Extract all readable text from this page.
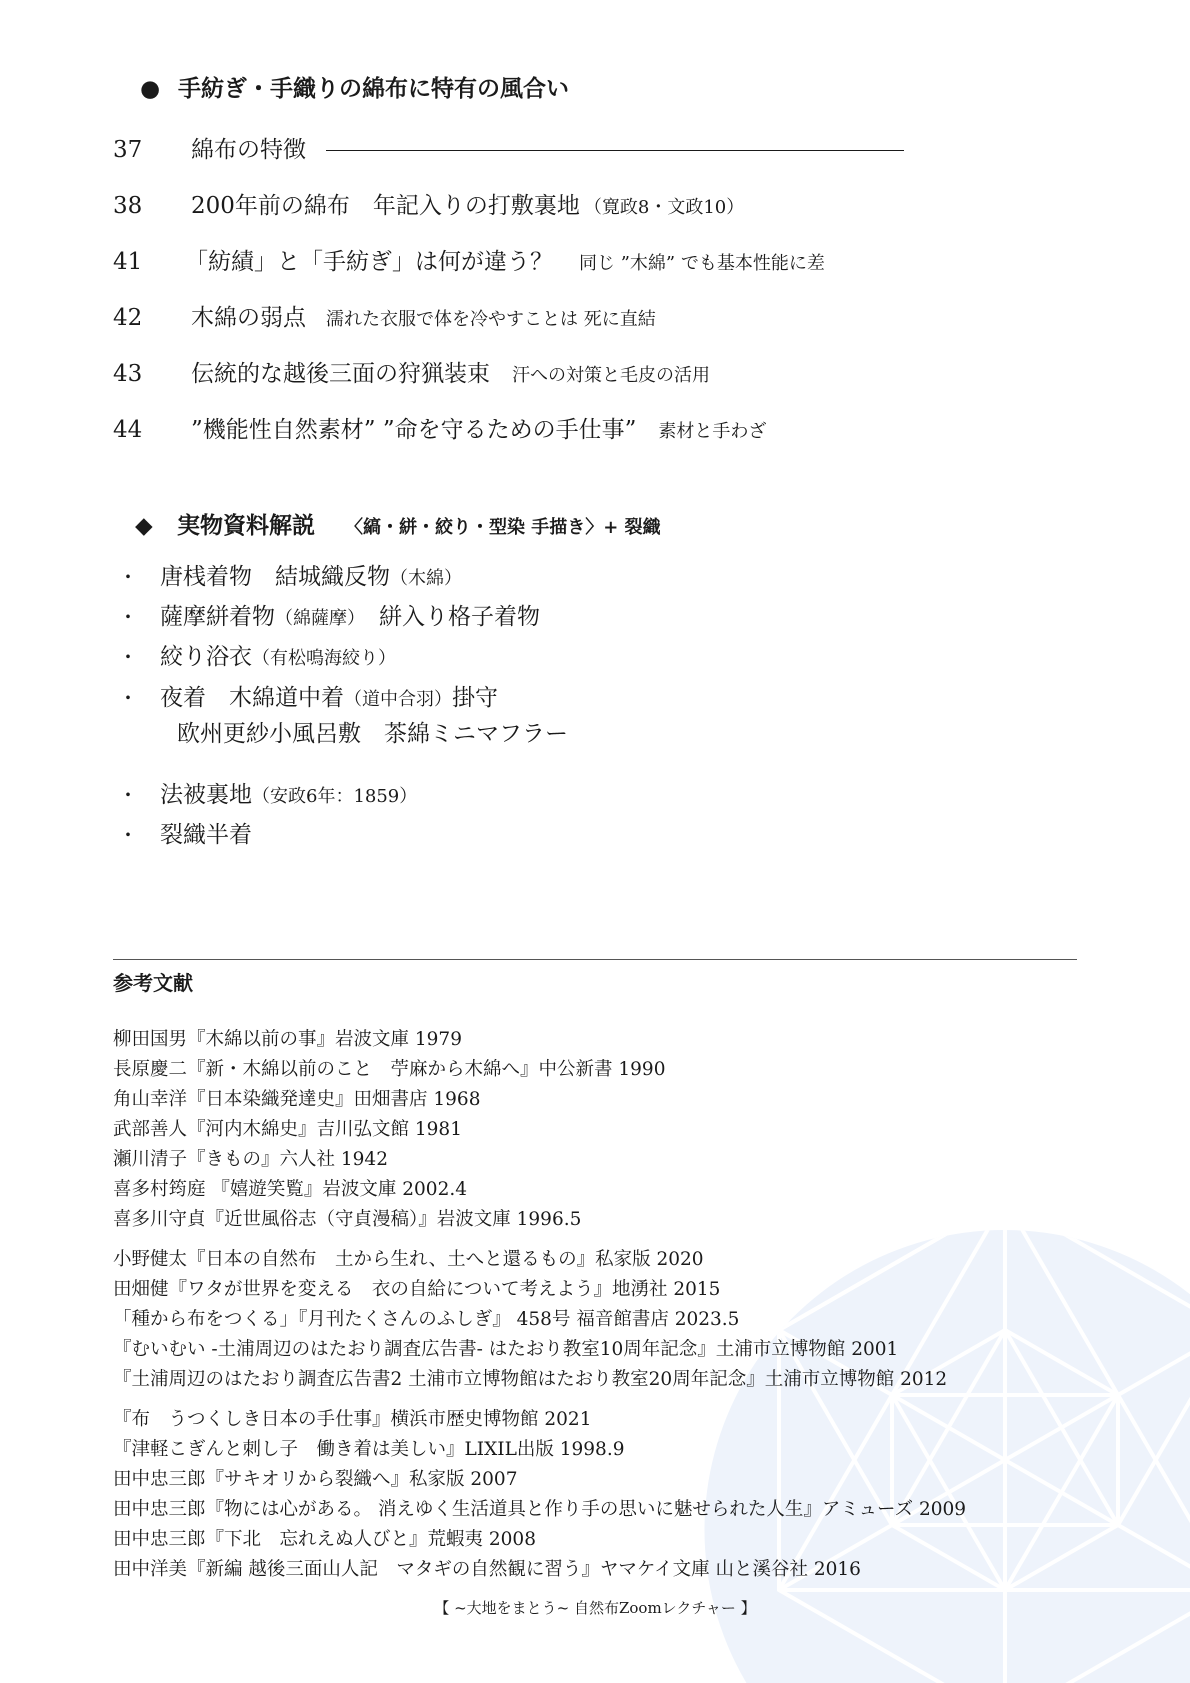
● 手紡ぎ・手織りの綿布に特有の風合い
37 綿布の特徴
38 200年前の綿布　年記入りの打敷裏地 （寛政8・文政10）
41 「紡績」と「手紡ぎ」は何が違う？ 同じ ”木綿” でも基本性能に差
42 木綿の弱点 濡れた衣服で体を冷やすことは 死に直結
43 伝統的な越後三面の狩猟装束 汗への対策と毛皮の活用
44 ”機能性自然素材” ”命を守るための手仕事” 素材と手わざ
◆ 実物資料解説 〈縞・絣・絞り・型染 手描き〉+ 裂織
・ 唐桟着物　結城織反物（木綿）
・ 薩摩絣着物（綿薩摩）　絣入り格子着物
・ 絞り浴衣（有松鳴海絞り）
・ 夜着　木綿道中着（道中合羽）掛守
欧州更紗小風呂敷　茶綿ミニマフラー
・ 法被裏地（安政6年：1859）
・ 裂織半着
参考文献
柳田国男『木綿以前の事』岩波文庫 1979
長原慶二『新・木綿以前のこと　苧麻から木綿へ』中公新書 1990
角山幸洋『日本染織発達史』田畑書店 1968
武部善人『河内木綿史』吉川弘文館 1981
瀬川清子『きもの』六人社 1942
喜多村筠庭 『嬉遊笑覧』岩波文庫 2002.4
喜多川守貞『近世風俗志（守貞漫稿）』岩波文庫 1996.5
小野健太『日本の自然布　土から生れ、土へと還るもの』私家版 2020
田畑健『ワタが世界を変える　衣の自給について考えよう』地湧社 2015
「種から布をつくる」『月刊たくさんのふしぎ』 458号 福音館書店 2023.5
『むいむい -土浦周辺のはたおり調査広告書- はたおり教室10周年記念』土浦市立博物館 2001
『土浦周辺のはたおり調査広告書2 土浦市立博物館はたおり教室20周年記念』土浦市立博物館 2012
『布　うつくしき日本の手仕事』横浜市歴史博物館 2021
『津軽こぎんと刺し子　働き着は美しい』LIXIL出版 1998.9
田中忠三郎『サキオリから裂織へ』私家版 2007
田中忠三郎『物には心がある。 消えゆく生活道具と作り手の思いに魅せられた人生』アミューズ 2009
田中忠三郎『下北　忘れえぬ人びと』荒蝦夷 2008
田中洋美『新編 越後三面山人記　マタギの自然観に習う』ヤマケイ文庫 山と溪谷社 2016
【 ~大地をまとう~ 自然布Zoomレクチャー 】
